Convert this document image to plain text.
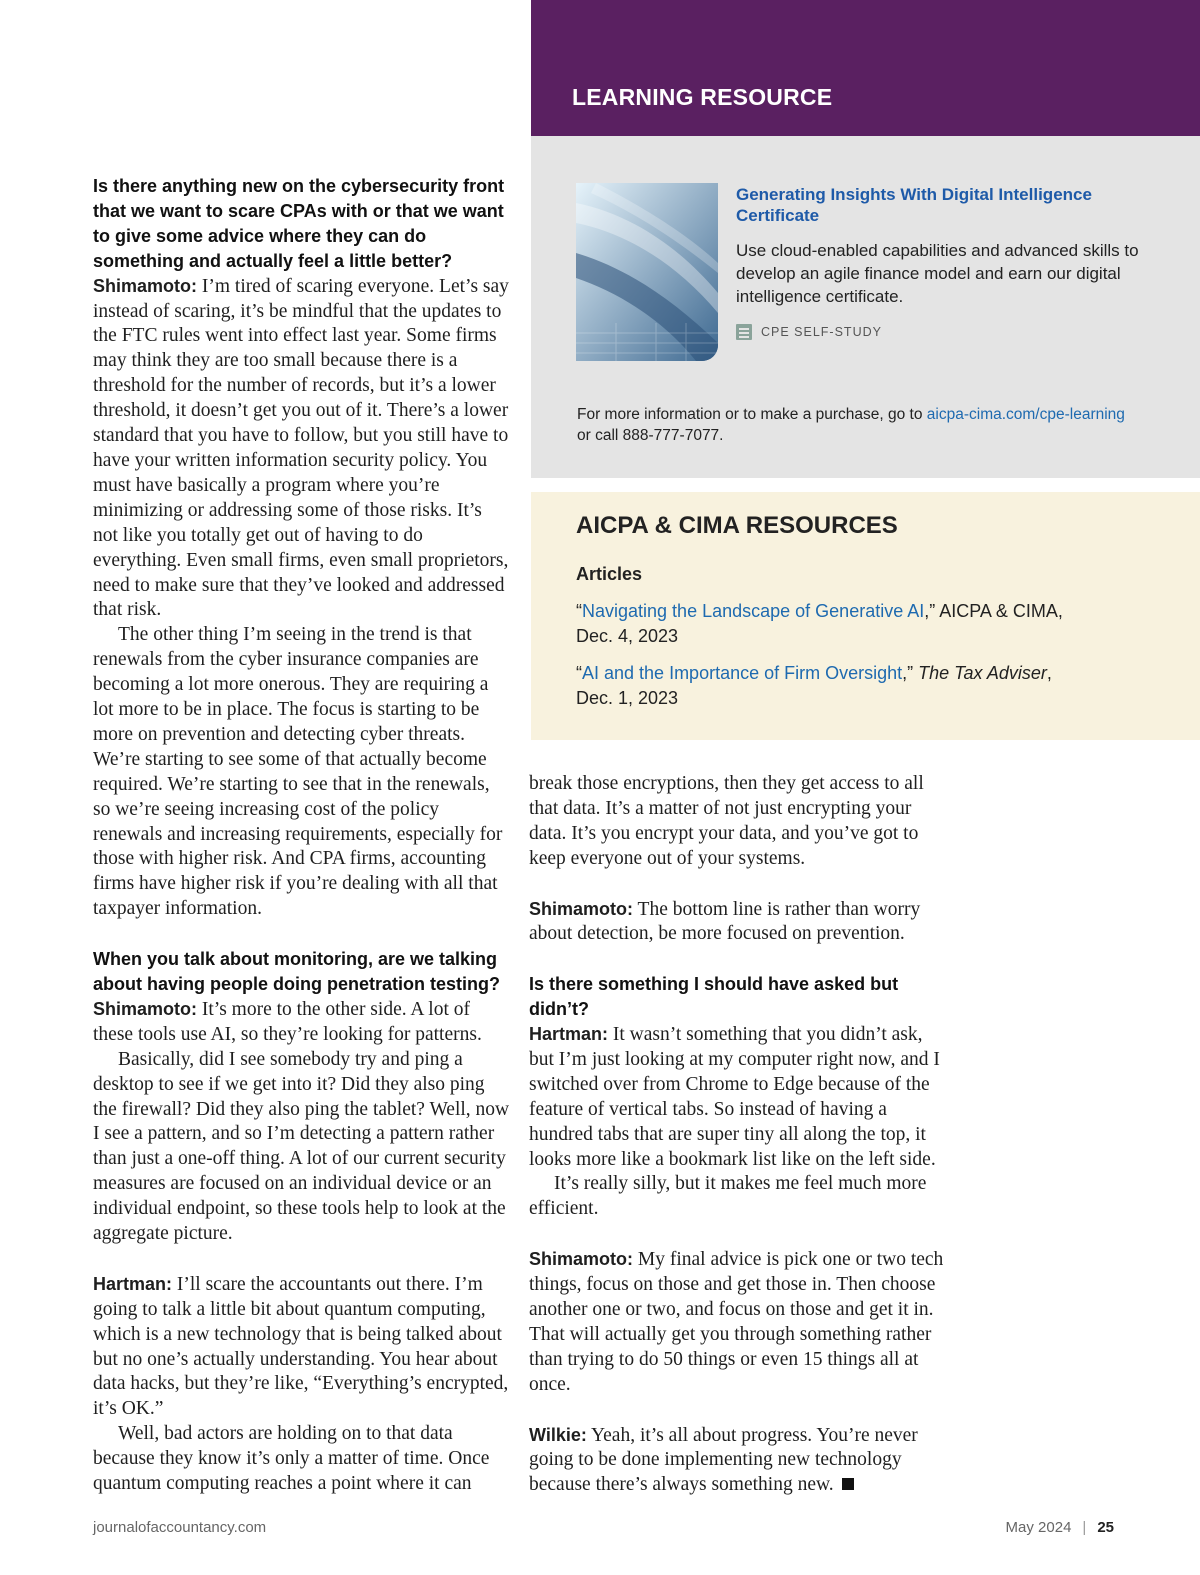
LEARNING RESOURCE
Generating Insights With Digital Intelligence Certificate
Use cloud-enabled capabilities and advanced skills to develop an agile finance model and earn our digital intelligence certificate.
CPE SELF-STUDY
For more information or to make a purchase, go to aicpa-cima.com/cpe-learning
or call 888-777-7077.
AICPA & CIMA RESOURCES
Articles
“Navigating the Landscape of Generative AI,” AICPA & CIMA,
Dec. 4, 2023
“AI and the Importance of Firm Oversight,” The Tax Adviser,
Dec. 1, 2023

Is there anything new on the cybersecurity front that we want to scare CPAs with or that we want to give some advice where they can do something and actually feel a little better?

Shimamoto: I’m tired of scaring everyone. Let’s say instead of scaring, it’s be mindful that the updates to the FTC rules went into effect last year. Some firms may think they are too small because there is a threshold for the number of records, but it’s a lower threshold, it doesn’t get you out of it. There’s a lower standard that you have to follow, but you still have to have your written information security policy. You must have basically a program where you’re minimizing or addressing some of those risks. It’s not like you totally get out of having to do everything. Even small firms, even small proprietors, need to make sure that they’ve looked and addressed that risk.

The other thing I’m seeing in the trend is that renewals from the cyber insurance companies are becoming a lot more onerous. They are requiring a lot more to be in place. The focus is starting to be more on prevention and detecting cyber threats. We’re starting to see some of that actually become required. We’re starting to see that in the renewals, so we’re seeing increasing cost of the policy renewals and increasing requirements, especially for those with higher risk. And CPA firms, accounting firms have higher risk if you’re dealing with all that taxpayer information.

When you talk about monitoring, are we talking about having people doing penetration testing?

Shimamoto: It’s more to the other side. A lot of these tools use AI, so they’re looking for patterns.

Basically, did I see somebody try and ping a desktop to see if we get into it? Did they also ping the firewall? Did they also ping the tablet? Well, now I see a pattern, and so I’m detecting a pattern rather than just a one-off thing. A lot of our current security measures are focused on an individual device or an individual endpoint, so these tools help to look at the aggregate picture.

Hartman: I’ll scare the accountants out there. I’m going to talk a little bit about quantum computing, which is a new technology that is being talked about but no one’s actually understanding. You hear about data hacks, but they’re like, “Everything’s encrypted, it’s OK.”

Well, bad actors are holding on to that data because they know it’s only a matter of time. Once quantum computing reaches a point where it can

break those encryptions, then they get access to all that data. It’s a matter of not just encrypting your data. It’s you encrypt your data, and you’ve got to keep everyone out of your systems.

Shimamoto: The bottom line is rather than worry about detection, be more focused on prevention.

Is there something I should have asked but didn’t?

Hartman: It wasn’t something that you didn’t ask, but I’m just looking at my computer right now, and I switched over from Chrome to Edge because of the feature of vertical tabs. So instead of having a hundred tabs that are super tiny all along the top, it looks more like a bookmark list like on the left side.

It’s really silly, but it makes me feel much more efficient.

Shimamoto: My final advice is pick one or two tech things, focus on those and get those in. Then choose another one or two, and focus on those and get it in. That will actually get you through something rather than trying to do 50 things or even 15 things all at once.

Wilkie: Yeah, it’s all about progress. You’re never going to be done implementing new technology because there’s always something new.

journalofaccountancy.com	May 2024 | 25
